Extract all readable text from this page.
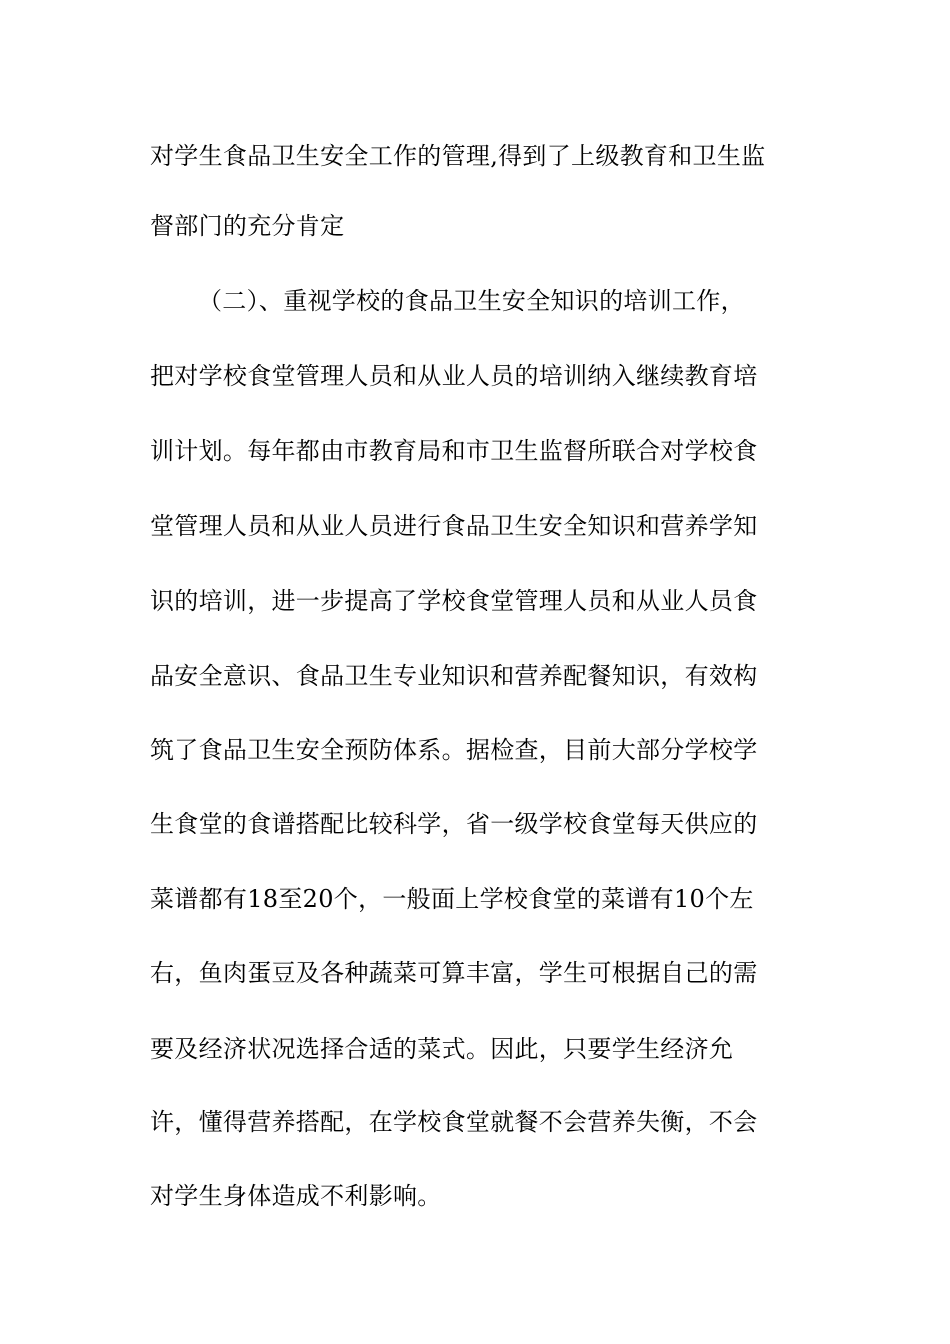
对学生食品卫生安全工作的管理,得到了上级教育和卫生监
督部门的充分肯定
（二）、重视学校的食品卫生安全知识的培训工作，
把对学校食堂管理人员和从业人员的培训纳入继续教育培
训计划。每年都由市教育局和市卫生监督所联合对学校食
堂管理人员和从业人员进行食品卫生安全知识和营养学知
识的培训，进一步提高了学校食堂管理人员和从业人员食
品安全意识、食品卫生专业知识和营养配餐知识，有效构
筑了食品卫生安全预防体系。据检查，目前大部分学校学
生食堂的食谱搭配比较科学，省一级学校食堂每天供应的
菜谱都有18至20个，一般面上学校食堂的菜谱有10个左
右，鱼肉蛋豆及各种蔬菜可算丰富，学生可根据自己的需
要及经济状况选择合适的菜式。因此，只要学生经济允
许，懂得营养搭配，在学校食堂就餐不会营养失衡，不会
对学生身体造成不利影响。
